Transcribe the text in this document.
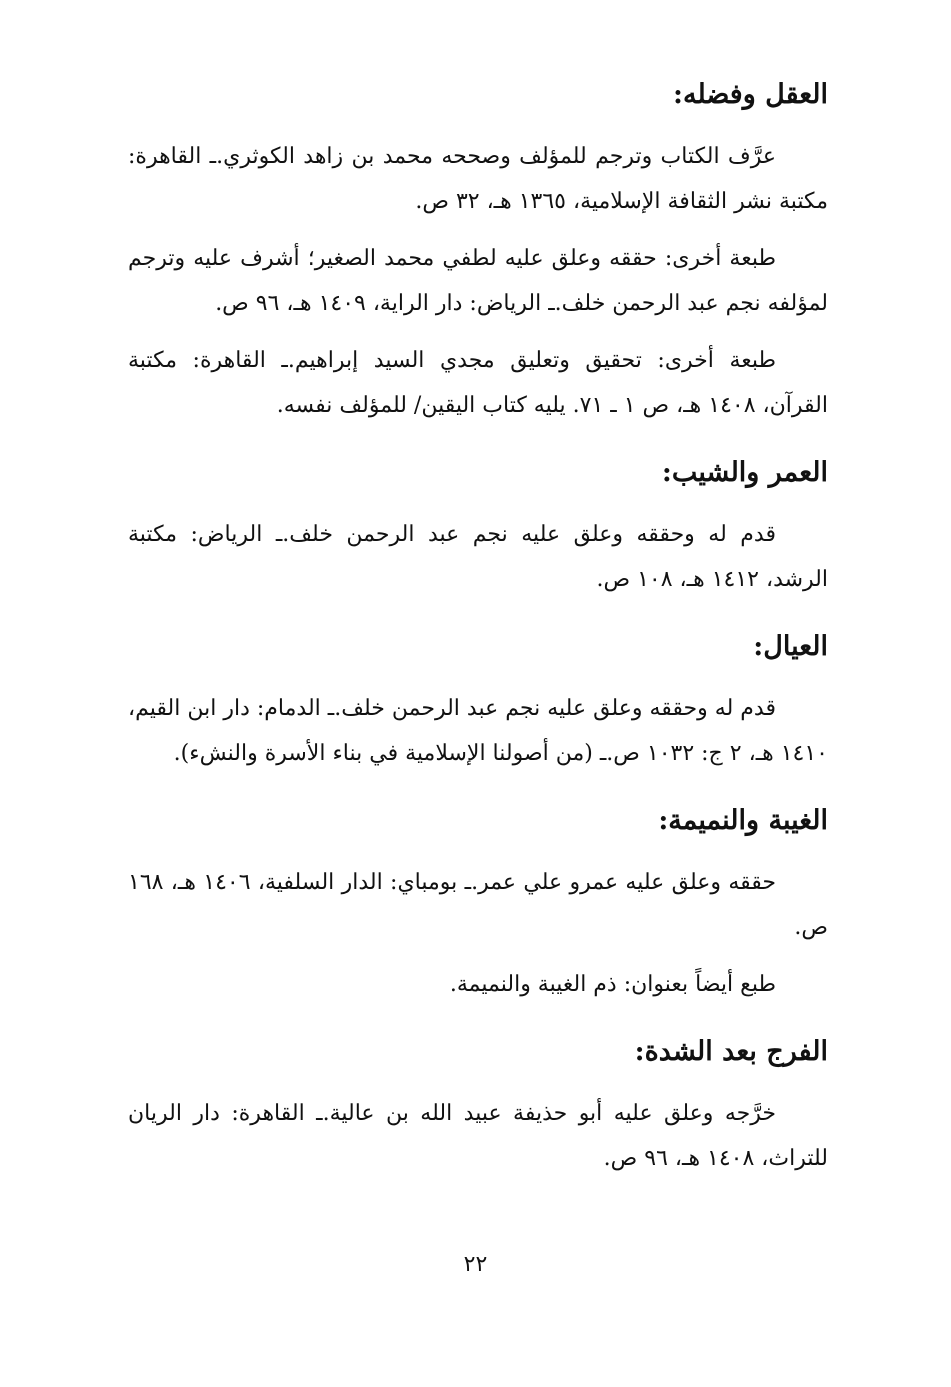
العقل وفضله:

عرَّف الكتاب وترجم للمؤلف وصححه محمد بن زاهد الكوثري.ـ القاهرة: مكتبة نشر الثقافة الإسلامية، ١٣٦٥ هـ، ٣٢ ص.

طبعة أخرى: حققه وعلق عليه لطفي محمد الصغير؛ أشرف عليه وترجم لمؤلفه نجم عبد الرحمن خلف.ـ الرياض: دار الراية، ١٤٠٩ هـ، ٩٦ ص.

طبعة أخرى: تحقيق وتعليق مجدي السيد إبراهيم.ـ القاهرة: مكتبة القرآن، ١٤٠٨ هـ، ص ١ ـ ٧١. يليه كتاب اليقين/ للمؤلف نفسه.

العمر والشيب:

قدم له وحققه وعلق عليه نجم عبد الرحمن خلف.ـ الرياض: مكتبة الرشد، ١٤١٢ هـ، ١٠٨ ص.

العيال:

قدم له وحققه وعلق عليه نجم عبد الرحمن خلف.ـ الدمام: دار ابن القيم، ١٤١٠ هـ، ٢ ج: ١٠٣٢ ص.ـ (من أصولنا الإسلامية في بناء الأسرة والنشء).

الغيبة والنميمة:

حققه وعلق عليه عمرو علي عمر.ـ بومباي: الدار السلفية، ١٤٠٦ هـ، ١٦٨ ص.

طبع أيضاً بعنوان: ذم الغيبة والنميمة.

الفرج بعد الشدة:

خرَّجه وعلق عليه أبو حذيفة عبيد الله بن عالية.ـ القاهرة: دار الريان للتراث، ١٤٠٨ هـ، ٩٦ ص.

٢٢
